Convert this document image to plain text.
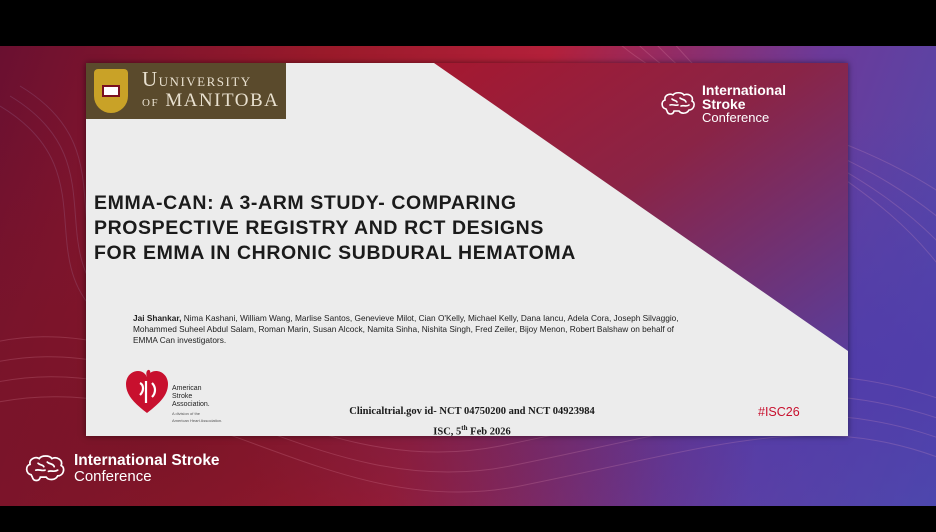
Uuniversity
OF MANITOBA	International
Stroke
Conference
EMMA-CAN: A 3-ARM STUDY- COMPARING
PROSPECTIVE REGISTRY AND RCT DESIGNS
FOR EMMA IN CHRONIC SUBDURAL HEMATOMA
Jai Shankar, Nima Kashani, William Wang, Marlise Santos, Genevieve Milot, Cian O'Kelly, Michael Kelly, Dana Iancu, Adela Cora, Joseph Silvaggio, Mohammed Suheel Abdul Salam, Roman Marin, Susan Alcock, Namita Sinha, Nishita Singh, Fred Zeiler, Bijoy Menon, Robert Balshaw on behalf of EMMA Can investigators.
American
Stroke
Association.
A division of the
American Heart Association.
Clinicaltrial.gov id- NCT 04750200 and NCT 04923984
ISC, 5th Feb 2026
#ISC26
International Stroke
Conference
